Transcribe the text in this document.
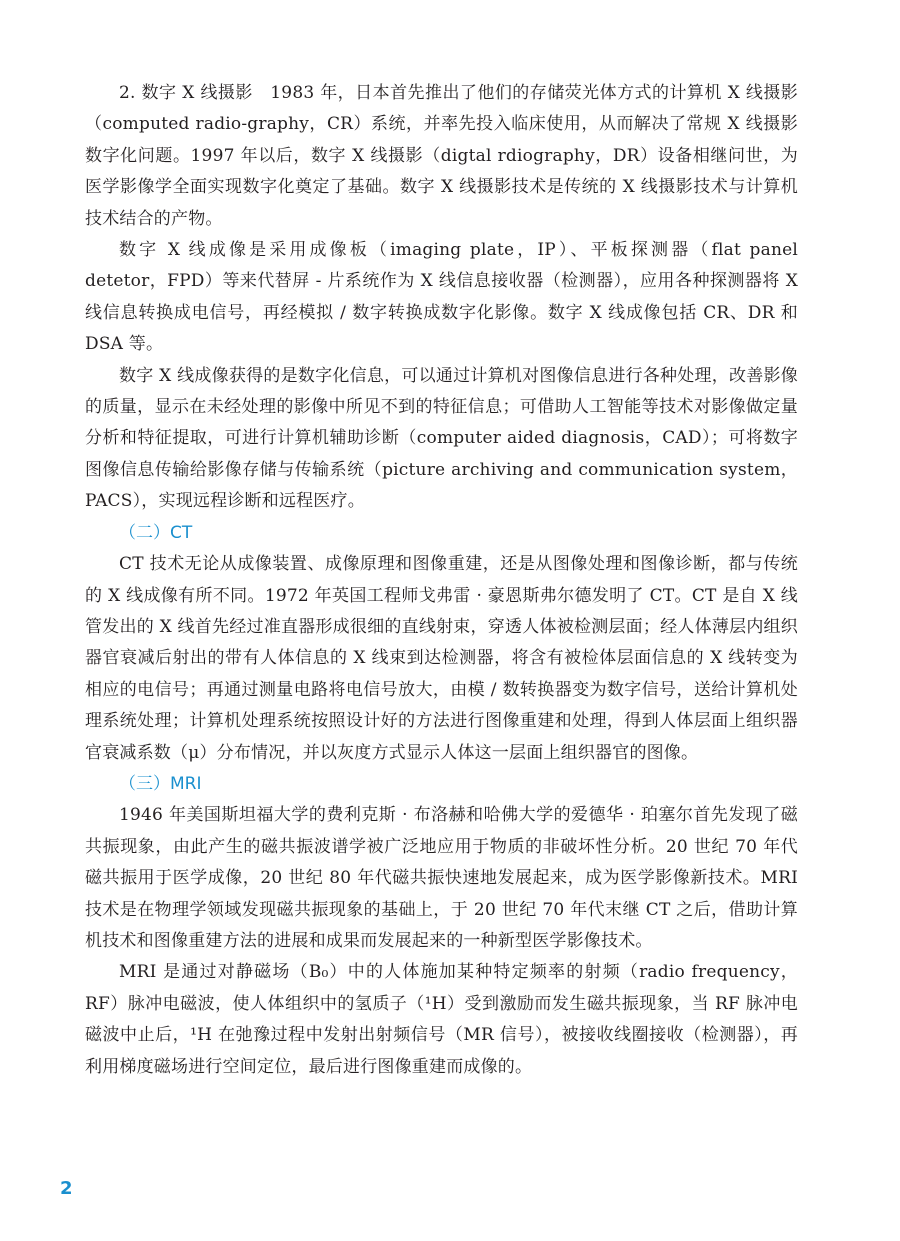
2. 数字 X 线摄影　1983 年，日本首先推出了他们的存储荧光体方式的计算机 X 线摄影（computed radio-graphy，CR）系统，并率先投入临床使用，从而解决了常规 X 线摄影数字化问题。1997 年以后，数字 X 线摄影（digtal rdiography，DR）设备相继问世，为医学影像学全面实现数字化奠定了基础。数字 X 线摄影技术是传统的 X 线摄影技术与计算机技术结合的产物。

数字 X 线成像是采用成像板（imaging plate，IP）、平板探测器（flat panel detetor，FPD）等来代替屏 - 片系统作为 X 线信息接收器（检测器），应用各种探测器将 X 线信息转换成电信号，再经模拟 / 数字转换成数字化影像。数字 X 线成像包括 CR、DR 和 DSA 等。

数字 X 线成像获得的是数字化信息，可以通过计算机对图像信息进行各种处理，改善影像的质量，显示在未经处理的影像中所见不到的特征信息；可借助人工智能等技术对影像做定量分析和特征提取，可进行计算机辅助诊断（computer aided diagnosis，CAD）；可将数字图像信息传输给影像存储与传输系统（picture archiving and communication system，PACS），实现远程诊断和远程医疗。

（二）CT

CT 技术无论从成像装置、成像原理和图像重建，还是从图像处理和图像诊断，都与传统的 X 线成像有所不同。1972 年英国工程师戈弗雷 · 豪恩斯弗尔德发明了 CT。CT 是自 X 线管发出的 X 线首先经过准直器形成很细的直线射束，穿透人体被检测层面；经人体薄层内组织器官衰减后射出的带有人体信息的 X 线束到达检测器，将含有被检体层面信息的 X 线转变为相应的电信号；再通过测量电路将电信号放大，由模 / 数转换器变为数字信号，送给计算机处理系统处理；计算机处理系统按照设计好的方法进行图像重建和处理，得到人体层面上组织器官衰减系数（μ）分布情况，并以灰度方式显示人体这一层面上组织器官的图像。

（三）MRI

1946 年美国斯坦福大学的费利克斯 · 布洛赫和哈佛大学的爱德华 · 珀塞尔首先发现了磁共振现象，由此产生的磁共振波谱学被广泛地应用于物质的非破坏性分析。20 世纪 70 年代磁共振用于医学成像，20 世纪 80 年代磁共振快速地发展起来，成为医学影像新技术。MRI 技术是在物理学领域发现磁共振现象的基础上，于 20 世纪 70 年代末继 CT 之后，借助计算机技术和图像重建方法的进展和成果而发展起来的一种新型医学影像技术。

MRI 是通过对静磁场（B₀）中的人体施加某种特定频率的射频（radio frequency，RF）脉冲电磁波，使人体组织中的氢质子（¹H）受到激励而发生磁共振现象，当 RF 脉冲电磁波中止后，¹H 在弛豫过程中发射出射频信号（MR 信号），被接收线圈接收（检测器），再利用梯度磁场进行空间定位，最后进行图像重建而成像的。

2
